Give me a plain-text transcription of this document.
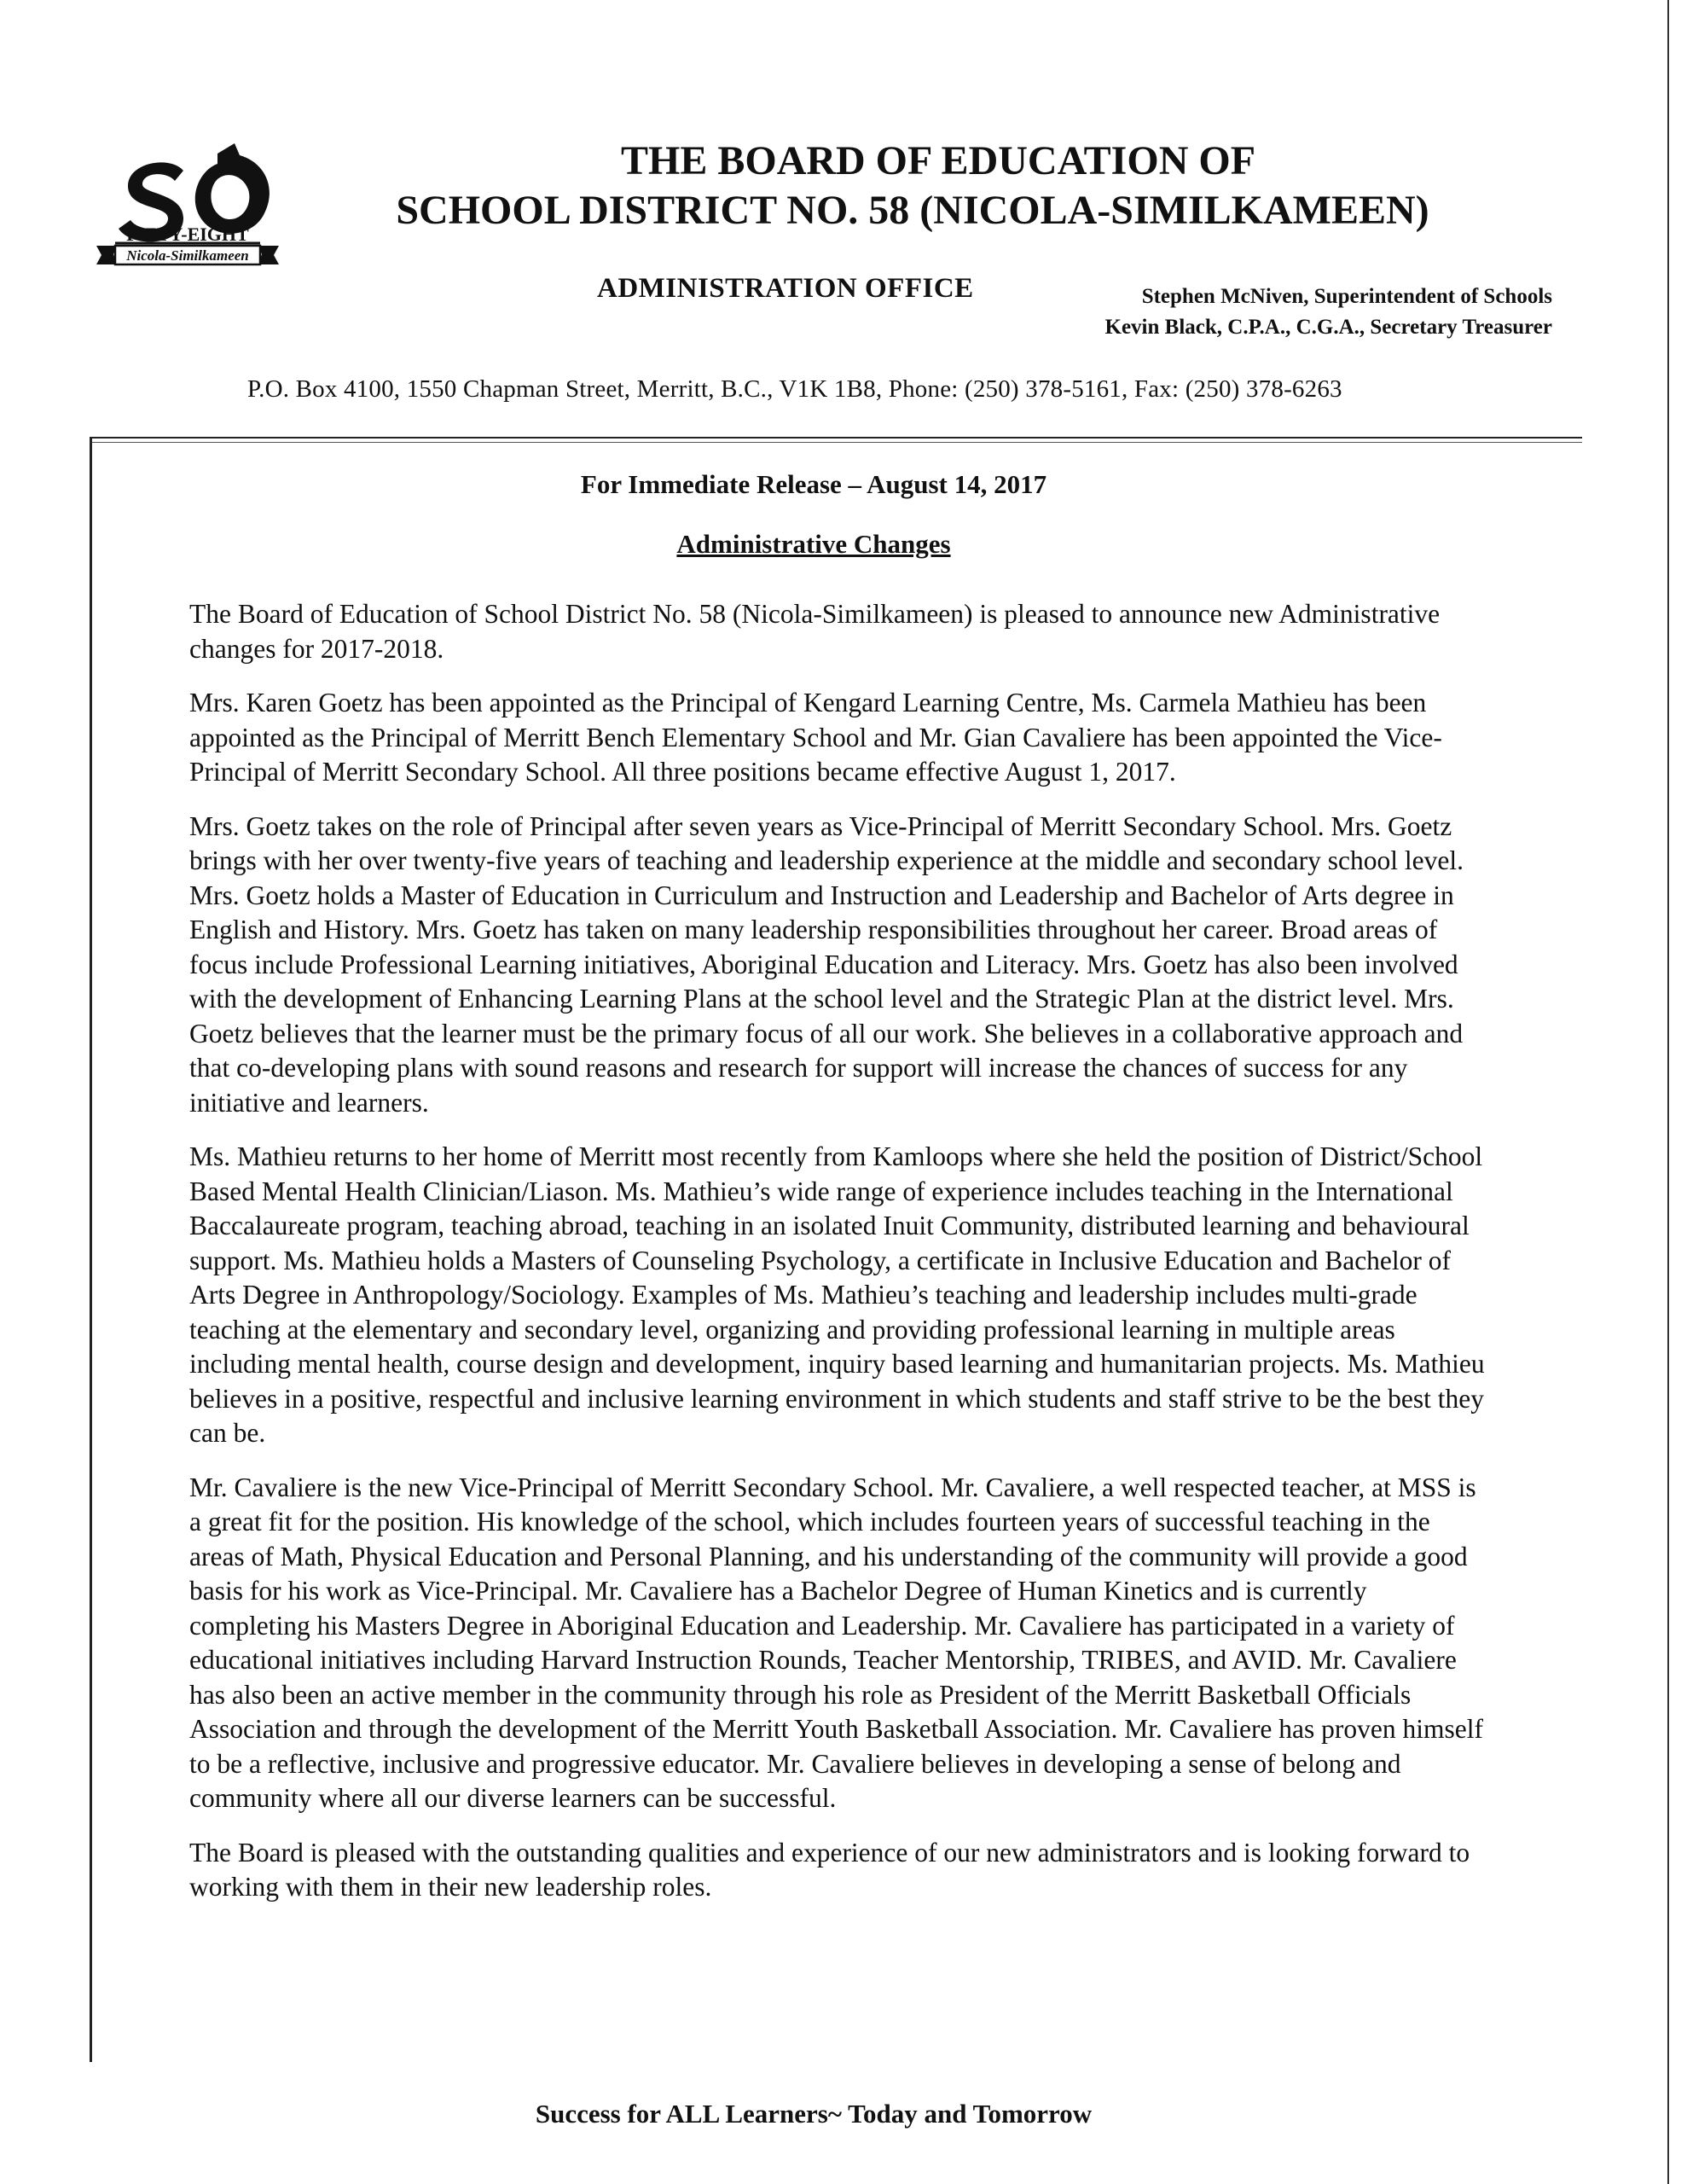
FIFTY-EIGHT
Nicola-Similkameen
THE BOARD OF EDUCATION OF
SCHOOL DISTRICT NO. 58 (NICOLA-SIMILKAMEEN)
ADMINISTRATION OFFICE	Stephen McNiven, Superintendent of Schools
Kevin Black, C.P.A., C.G.A., Secretary Treasurer
P.O. Box 4100, 1550 Chapman Street, Merritt, B.C., V1K 1B8, Phone: (250) 378-5161, Fax: (250) 378-6263
For Immediate Release – August 14, 2017
Administrative Changes

The Board of Education of School District No. 58 (Nicola-Similkameen) is pleased to announce new Administrative changes for 2017-2018.

Mrs. Karen Goetz has been appointed as the Principal of Kengard Learning Centre, Ms. Carmela Mathieu has been appointed as the Principal of Merritt Bench Elementary School and Mr. Gian Cavaliere has been appointed the Vice-Principal of Merritt Secondary School. All three positions became effective August 1, 2017.

Mrs. Goetz takes on the role of Principal after seven years as Vice-Principal of Merritt Secondary School. Mrs. Goetz brings with her over twenty-five years of teaching and leadership experience at the middle and secondary school level. Mrs. Goetz holds a Master of Education in Curriculum and Instruction and Leadership and Bachelor of Arts degree in English and History. Mrs. Goetz has taken on many leadership responsibilities throughout her career. Broad areas of focus include Professional Learning initiatives, Aboriginal Education and Literacy. Mrs. Goetz has also been involved with the development of Enhancing Learning Plans at the school level and the Strategic Plan at the district level. Mrs. Goetz believes that the learner must be the primary focus of all our work. She believes in a collaborative approach and that co-developing plans with sound reasons and research for support will increase the chances of success for any initiative and learners.

Ms. Mathieu returns to her home of Merritt most recently from Kamloops where she held the position of District/School Based Mental Health Clinician/Liason. Ms. Mathieu’s wide range of experience includes teaching in the International Baccalaureate program, teaching abroad, teaching in an isolated Inuit Community, distributed learning and behavioural support. Ms. Mathieu holds a Masters of Counseling Psychology, a certificate in Inclusive Education and Bachelor of Arts Degree in Anthropology/Sociology. Examples of Ms. Mathieu’s teaching and leadership includes multi-grade teaching at the elementary and secondary level, organizing and providing professional learning in multiple areas including mental health, course design and development, inquiry based learning and humanitarian projects. Ms. Mathieu believes in a positive, respectful and inclusive learning environment in which students and staff strive to be the best they can be.

Mr. Cavaliere is the new Vice-Principal of Merritt Secondary School. Mr. Cavaliere, a well respected teacher, at MSS is a great fit for the position. His knowledge of the school, which includes fourteen years of successful teaching in the areas of Math, Physical Education and Personal Planning, and his understanding of the community will provide a good basis for his work as Vice-Principal. Mr. Cavaliere has a Bachelor Degree of Human Kinetics and is currently completing his Masters Degree in Aboriginal Education and Leadership. Mr. Cavaliere has participated in a variety of educational initiatives including Harvard Instruction Rounds, Teacher Mentorship, TRIBES, and AVID. Mr. Cavaliere has also been an active member in the community through his role as President of the Merritt Basketball Officials Association and through the development of the Merritt Youth Basketball Association. Mr. Cavaliere has proven himself to be a reflective, inclusive and progressive educator. Mr. Cavaliere believes in developing a sense of belong and community where all our diverse learners can be successful.

The Board is pleased with the outstanding qualities and experience of our new administrators and is looking forward to working with them in their new leadership roles.

Success for ALL Learners~ Today and Tomorrow
